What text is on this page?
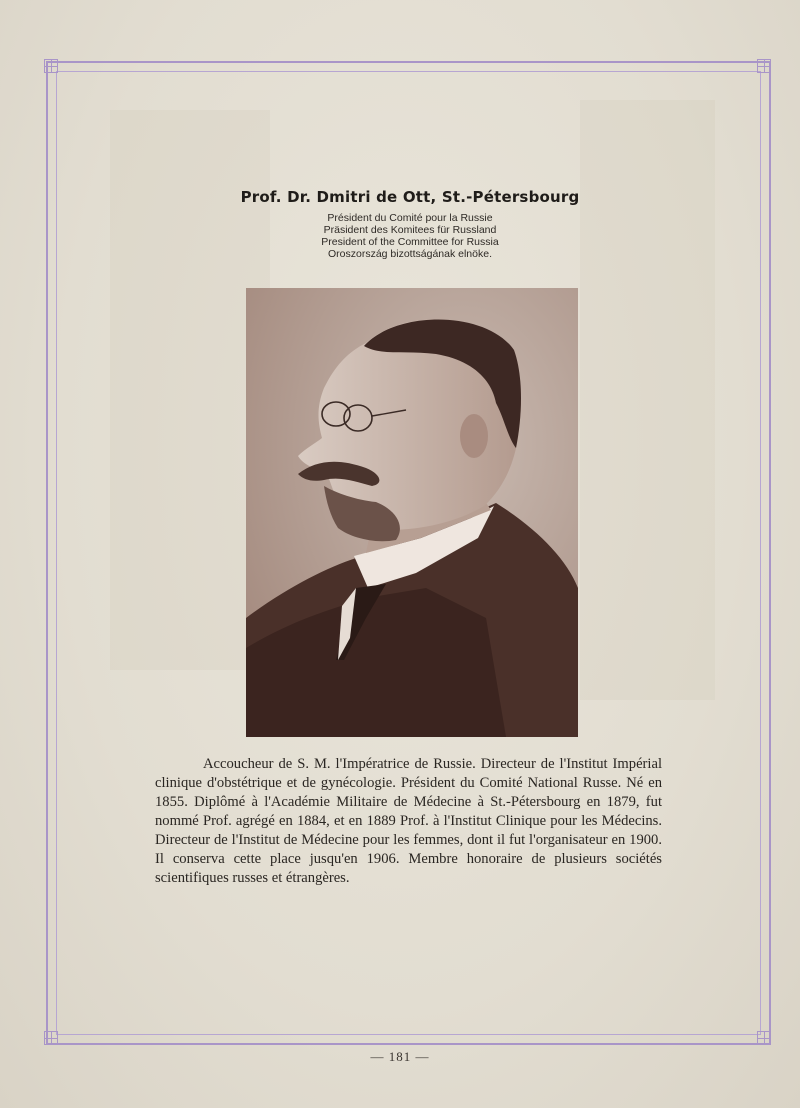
Prof. Dr. Dmitri de Ott, St.-Pétersbourg
Président du Comité pour la Russie
Präsident des Komitees für Russland
President of the Committee for Russia
Oroszország bizottságának elnöke.

Accoucheur de S. M. l'Impératrice de Russie. Directeur de l'Institut Impérial clinique d'obstétrique et de gynécologie. Président du Comité National Russe. Né en 1855. Diplômé à l'Académie Militaire de Médecine à St.-Pétersbourg en 1879, fut nommé Prof. agrégé en 1884, et en 1889 Prof. à l'Institut Clinique pour les Médecins. Directeur de l'Institut de Médecine pour les femmes, dont il fut l'organisateur en 1900. Il conserva cette place jusqu'en 1906. Membre honoraire de plusieurs sociétés scientifiques russes et étrangères.

— 181 —
